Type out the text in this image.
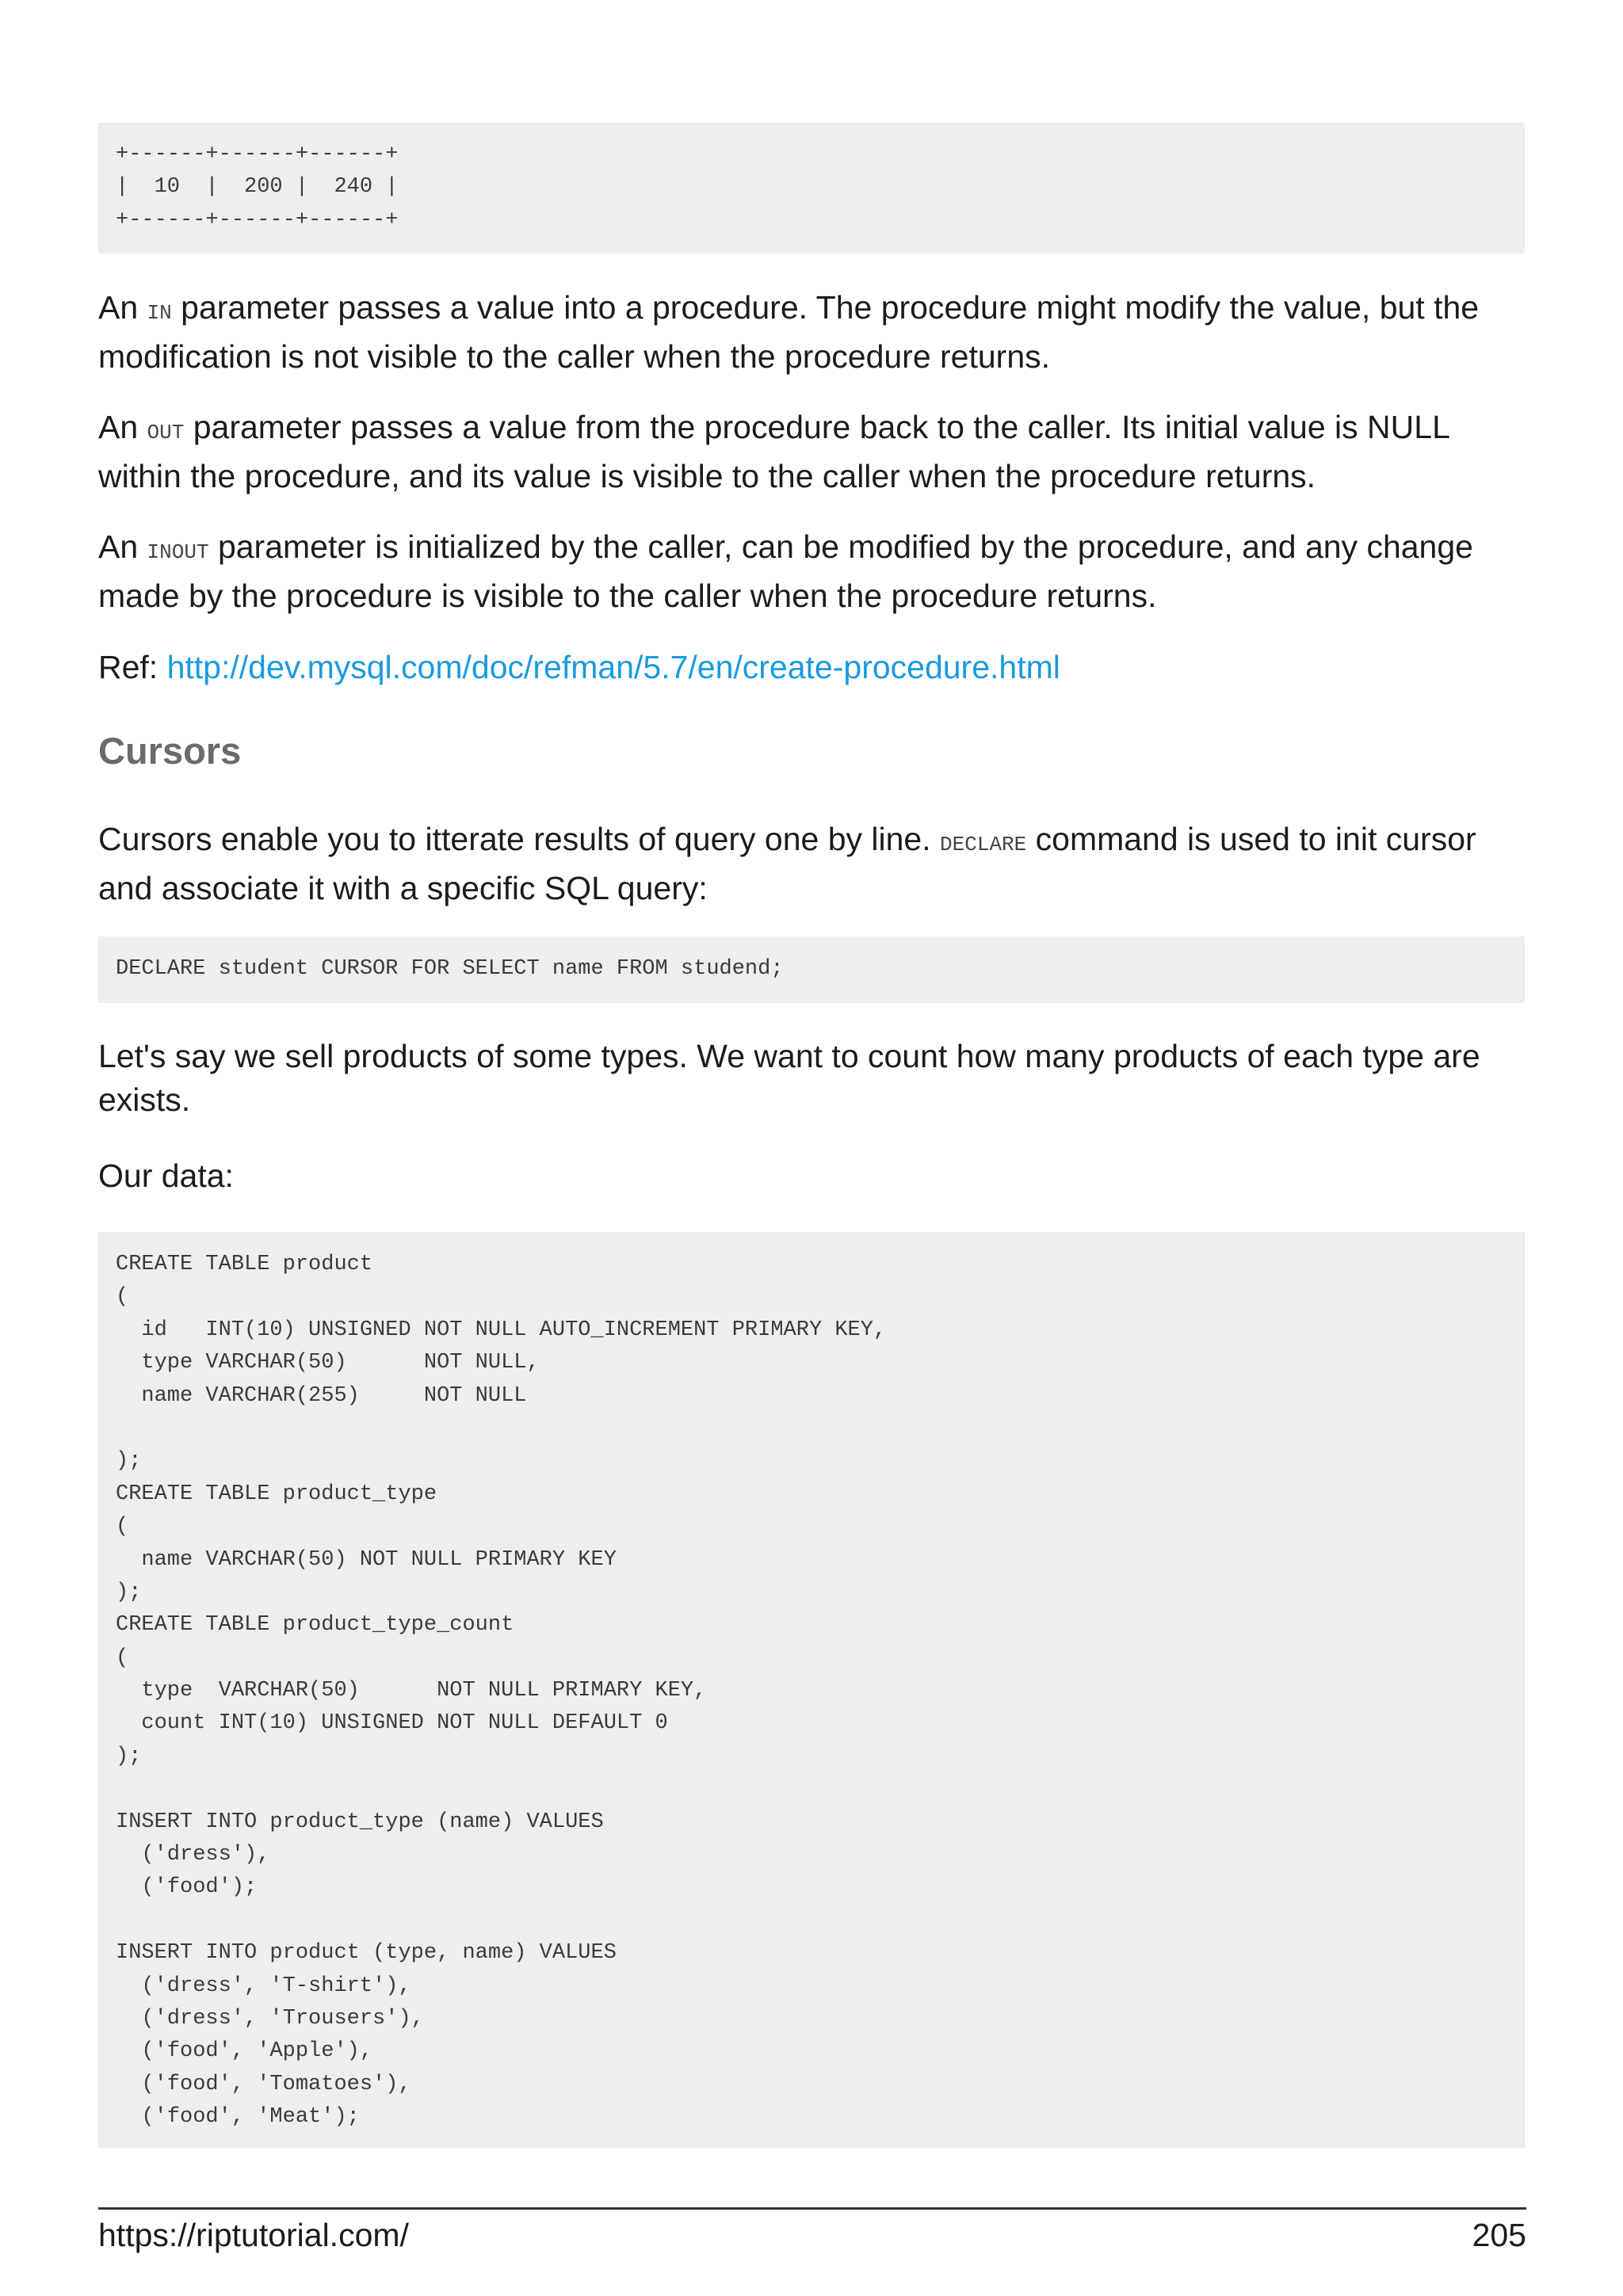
+------+------+------+
|  10  |  200 |  240 |
+------+------+------+

An IN parameter passes a value into a procedure. The procedure might modify the value, but the
modification is not visible to the caller when the procedure returns.

An OUT parameter passes a value from the procedure back to the caller. Its initial value is NULL
within the procedure, and its value is visible to the caller when the procedure returns.

An INOUT parameter is initialized by the caller, can be modified by the procedure, and any change
made by the procedure is visible to the caller when the procedure returns.

Ref: http://dev.mysql.com/doc/refman/5.7/en/create-procedure.html

Cursors

Cursors enable you to itterate results of query one by line. DECLARE command is used to init cursor
and associate it with a specific SQL query:

DECLARE student CURSOR FOR SELECT name FROM studend;

Let's say we sell products of some types. We want to count how many products of each type are
exists.

Our data:

CREATE TABLE product
(
id   INT(10) UNSIGNED NOT NULL AUTO_INCREMENT PRIMARY KEY,
type VARCHAR(50)      NOT NULL,
name VARCHAR(255)     NOT NULL
);
CREATE TABLE product_type
(
name VARCHAR(50) NOT NULL PRIMARY KEY
);
CREATE TABLE product_type_count
(
type  VARCHAR(50)      NOT NULL PRIMARY KEY,
count INT(10) UNSIGNED NOT NULL DEFAULT 0
);
INSERT INTO product_type (name) VALUES
('dress'),
('food');
INSERT INTO product (type, name) VALUES
('dress', 'T-shirt'),
('dress', 'Trousers'),
('food', 'Apple'),
('food', 'Tomatoes'),
('food', 'Meat');
https://riptutorial.com/	205
